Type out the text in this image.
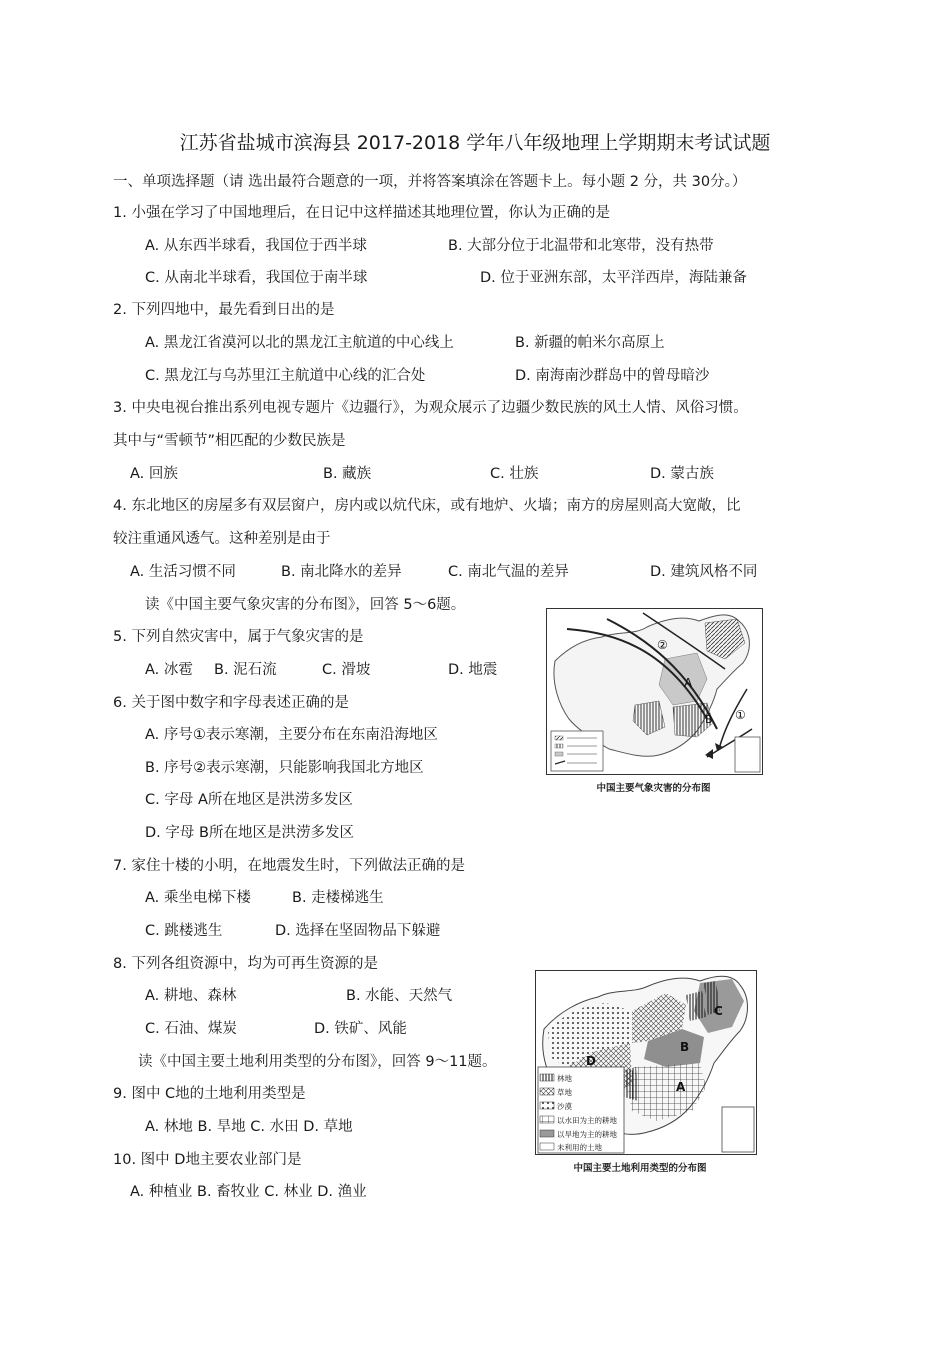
江苏省盐城市滨海县 2017-2018 学年八年级地理上学期期末考试试题
一、单项选择题（请 选出最符合题意的一项，并将答案填涂在答题卡上。每小题 2 分，共 30分。）
1. 小强在学习了中国地理后，在日记中这样描述其地理位置，你认为正确的是
A. 从东西半球看，我国位于西半球	B. 大部分位于北温带和北寒带，没有热带
C. 从南北半球看，我国位于南半球	D. 位于亚洲东部，太平洋西岸，海陆兼备
2. 下列四地中，最先看到日出的是
A. 黑龙江省漠河以北的黑龙江主航道的中心线上	B. 新疆的帕米尔高原上
C. 黑龙江与乌苏里江主航道中心线的汇合处	D. 南海南沙群岛中的曾母暗沙
3. 中央电视台推出系列电视专题片《边疆行》，为观众展示了边疆少数民族的风土人情、风俗习惯。
其中与“雪顿节”相匹配的少数民族是
A. 回族	B. 藏族	C. 壮族	D. 蒙古族
4. 东北地区的房屋多有双层窗户，房内或以炕代床，或有地炉、火墙；南方的房屋则高大宽敞，比
较注重通风透气。这种差别是由于
A. 生活习惯不同	B. 南北降水的差异	C. 南北气温的差异	D. 建筑风格不同
读《中国主要气象灾害的分布图》，回答 5～6题。
5. 下列自然灾害中，属于气象灾害的是
A. 冰雹 B. 泥石流	C. 滑坡	D. 地震
6. 关于图中数字和字母表述正确的是
A. 序号①表示寒潮，主要分布在东南沿海地区
B. 序号②表示寒潮，只能影响我国北方地区
C. 字母 A所在地区是洪涝多发区
D. 字母 B所在地区是洪涝多发区
7. 家住十楼的小明，在地震发生时，下列做法正确的是
A. 乘坐电梯下楼	B. 走楼梯逃生
C. 跳楼逃生	D. 选择在坚固物品下躲避
8. 下列各组资源中，均为可再生资源的是
A. 耕地、森林	B. 水能、天然气
C. 石油、煤炭	D. 铁矿、风能
读《中国主要土地利用类型的分布图》，回答 9～11题。
9. 图中 C地的土地利用类型是
A. 林地 B. 旱地 C. 水田 D. 草地
10. 图中 D地主要农业部门是
A. 种植业 B. 畜牧业 C. 林业 D. 渔业
A
B ①
②
中国主要气象灾害的分布图
林地
草地
沙漠
以水田为主的耕地
以旱地为主的耕地
未利用的土地
A
B
C
D
中国主要土地利用类型的分布图
